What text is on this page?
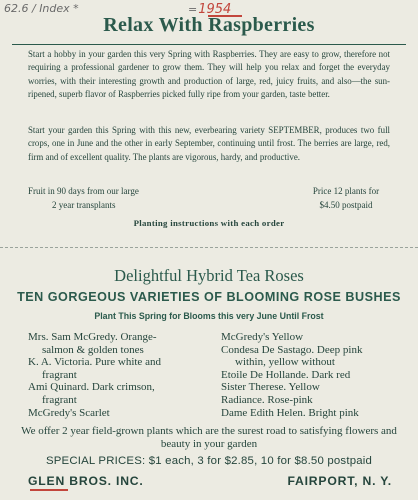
62.6 / Index *	=1954
Relax With Raspberries

Start a hobby in your garden this very Spring with Raspberries. They are easy to grow, therefore not requiring a professional gardener to grow them. They will help you relax and forget the everyday worries, with their interesting growth and production of large, red, juicy fruits, and also—the sun-ripened, superb flavor of Raspberries picked fully ripe from your garden, taste better.

Start your garden this Spring with this new, everbearing variety SEPTEMBER, produces two full crops, one in June and the other in early September, continuing until frost. The berries are large, red, firm and of excellent quality. The plants are vigorous, hardy, and productive.

Fruit in 90 days from our large
2 year transplants
Price 12 plants for
$4.50 postpaid
Planting instructions with each order
Delightful Hybrid Tea Roses
TEN GORGEOUS VARIETIES OF BLOOMING ROSE BUSHES
Plant This Spring for Blooms this very June Until Frost
Mrs. Sam McGredy. Orange-
salmon & golden tones
K. A. Victoria. Pure white and
fragrant
Ami Quinard. Dark crimson,
fragrant
McGredy's Scarlet
McGredy's Yellow
Condesa De Sastago. Deep pink
within, yellow without
Etoile De Hollande. Dark red
Sister Therese. Yellow
Radiance. Rose-pink
Dame Edith Helen. Bright pink
We offer 2 year field-grown plants which are the surest road to satisfying flowers and beauty in your garden
SPECIAL PRICES: $1 each, 3 for $2.85, 10 for $8.50 postpaid
GLEN BROS. INC.	FAIRPORT, N. Y.
